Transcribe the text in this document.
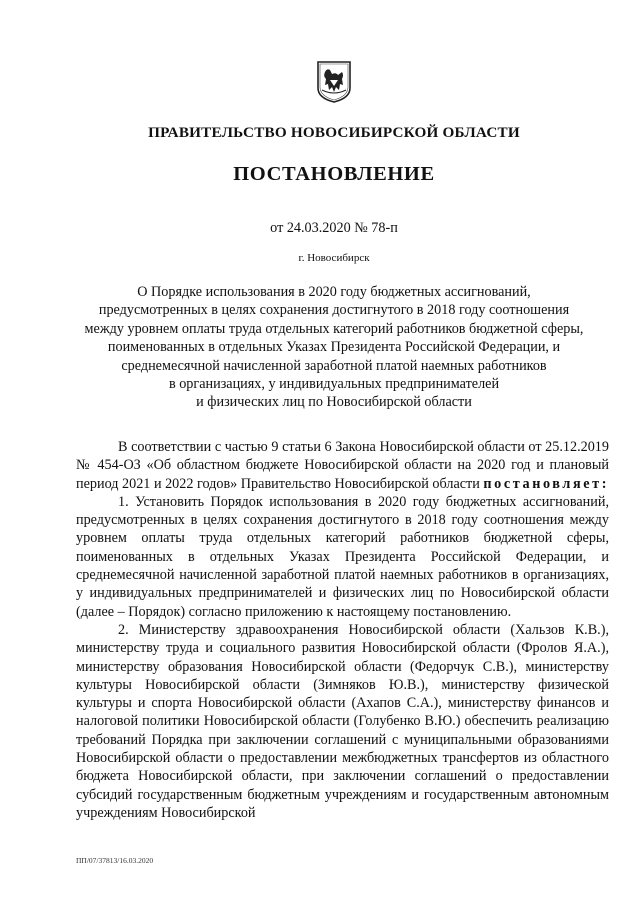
ПРАВИТЕЛЬСТВО НОВОСИБИРСКОЙ ОБЛАСТИ
ПОСТАНОВЛЕНИЕ
от 24.03.2020 № 78-п
г. Новосибирск
О Порядке использования в 2020 году бюджетных ассигнований,
предусмотренных в целях сохранения достигнутого в 2018 году соотношения
между уровнем оплаты труда отдельных категорий работников бюджетной сферы,
поименованных в отдельных Указах Президента Российской Федерации, и
среднемесячной начисленной заработной платой наемных работников
в организациях, у индивидуальных предпринимателей
и физических лиц по Новосибирской области

В соответствии с частью 9 статьи 6 Закона Новосибирской области от 25.12.2019 № 454-ОЗ «Об областном бюджете Новосибирской области на 2020 год и плановый период 2021 и 2022 годов» Правительство Новосибирской области постановляет:

1. Установить Порядок использования в 2020 году бюджетных ассигнований, предусмотренных в целях сохранения достигнутого в 2018 году соотношения между уровнем оплаты труда отдельных категорий работников бюджетной сферы, поименованных в отдельных Указах Президента Российской Федерации, и среднемесячной начисленной заработной платой наемных работников в организациях, у индивидуальных предпринимателей и физических лиц по Новосибирской области (далее – Порядок) согласно приложению к настоящему постановлению.

2. Министерству здравоохранения Новосибирской области (Хальзов К.В.), министерству труда и социального развития Новосибирской области (Фролов Я.А.), министерству образования Новосибирской области (Федорчук С.В.), министерству культуры Новосибирской области (Зимняков Ю.В.), министерству физической культуры и спорта Новосибирской области (Ахапов С.А.), министерству финансов и налоговой политики Новосибирской области (Голубенко В.Ю.) обеспечить реализацию требований Порядка при заключении соглашений с муниципальными образованиями Новосибирской области о предоставлении межбюджетных трансфертов из областного бюджета Новосибирской области, при заключении соглашений о предоставлении субсидий государственным бюджетным учреждениям и государственным автономным учреждениям Новосибирской

ПП/07/37813/16.03.2020
